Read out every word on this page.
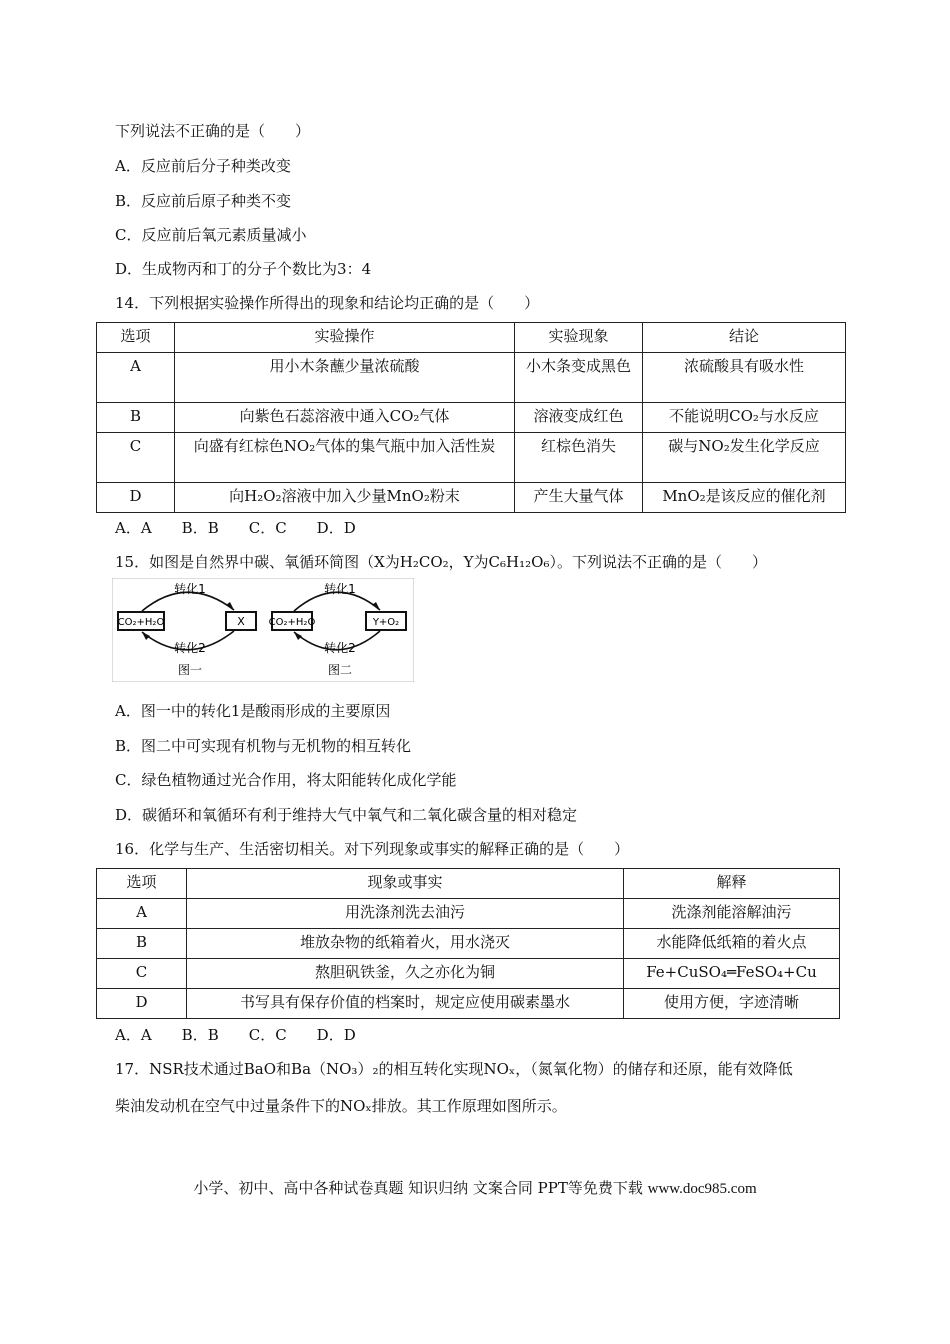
下列说法不正确的是（　　）
A．反应前后分子种类改变
B．反应前后原子种类不变
C．反应前后氧元素质量减小
D．生成物丙和丁的分子个数比为3：4
14．下列根据实验操作所得出的现象和结论均正确的是（　　）
选项	实验操作	实验现象	结论
A	用小木条蘸少量浓硫酸	小木条变成黑色	浓硫酸具有吸水性
B	向紫色石蕊溶液中通入CO₂气体	溶液变成红色	不能说明CO₂与水反应
C	向盛有红棕色NO₂气体的集气瓶中加入活性炭	红棕色消失	碳与NO₂发生化学反应
D	向H₂O₂溶液中加入少量MnO₂粉末	产生大量气体	MnO₂是该反应的催化剂
A．A　　B．B　　C．C　　D．D
15．如图是自然界中碳、氧循环简图（X为H₂CO₂，Y为C₆H₁₂O₆）。下列说法不正确的是（　　）
CO₂+H₂O	X
转化1
转化2
图一
CO₂+H₂O	Y+O₂
转化1
转化2
图二
A．图一中的转化1是酸雨形成的主要原因
B．图二中可实现有机物与无机物的相互转化
C．绿色植物通过光合作用，将太阳能转化成化学能
D．碳循环和氧循环有利于维持大气中氧气和二氧化碳含量的相对稳定
16．化学与生产、生活密切相关。对下列现象或事实的解释正确的是（　　）
选项	现象或事实	解释
A	用洗涤剂洗去油污	洗涤剂能溶解油污
B	堆放杂物的纸箱着火，用水浇灭	水能降低纸箱的着火点
C	熬胆矾铁釜，久之亦化为铜	Fe+CuSO₄═FeSO₄+Cu
D	书写具有保存价值的档案时，规定应使用碳素墨水	使用方便，字迹清晰
A．A　　B．B　　C．C　　D．D
17．NSR技术通过BaO和Ba（NO₃）₂的相互转化实现NOₓ，（氮氧化物）的储存和还原，能有效降低
柴油发动机在空气中过量条件下的NOₓ排放。其工作原理如图所示。
小学、初中、高中各种试卷真题 知识归纳 文案合同 PPT等免费下载 www.doc985.com
